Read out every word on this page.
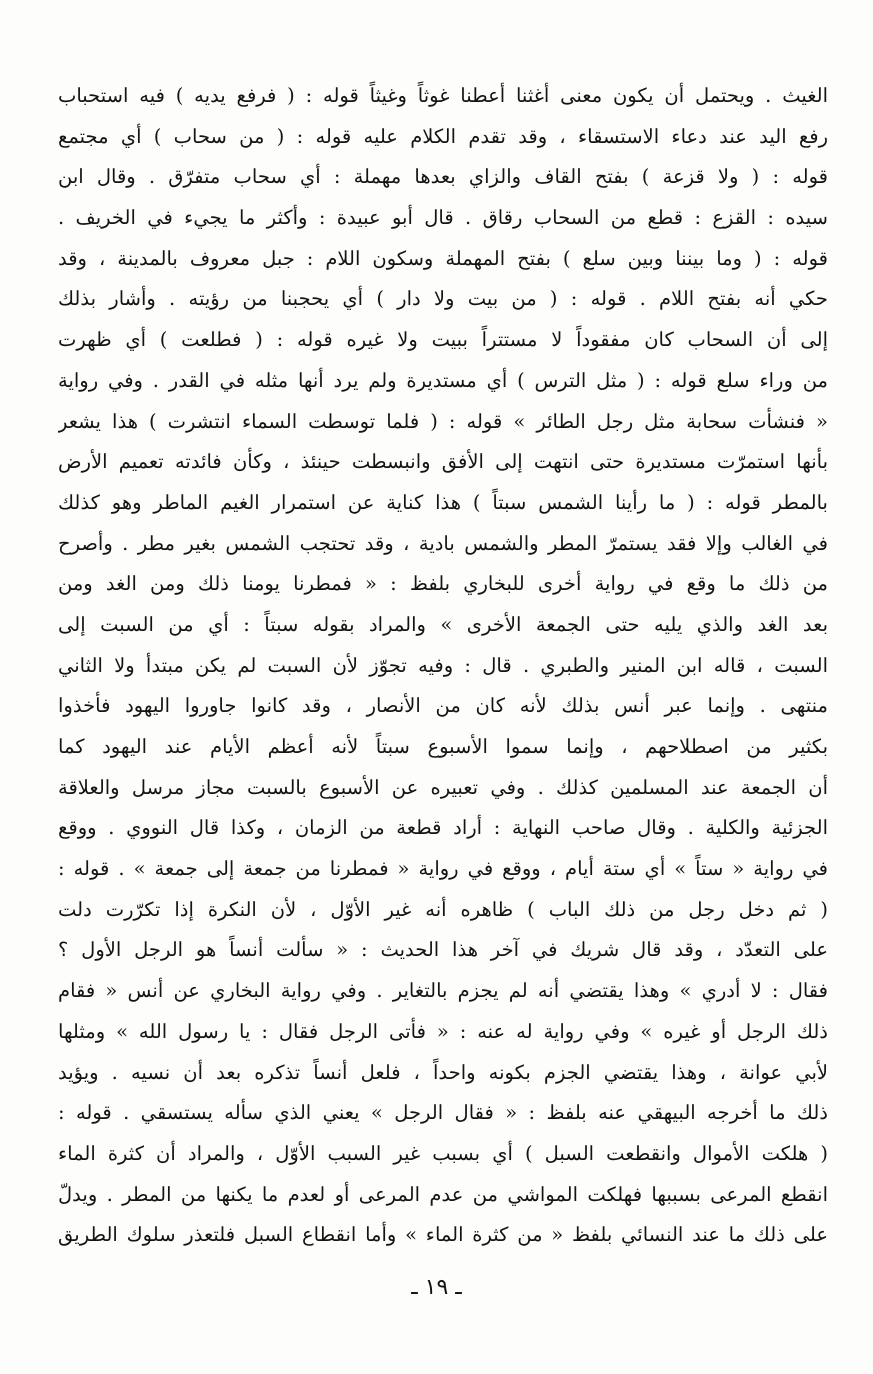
الغيث . ويحتمل أن يكون معنى أغثنا أعطنا غوثاً وغيثاً قوله : ( فرفع يديه ) فيه استحباب
رفع اليد عند دعاء الاستسقاء ، وقد تقدم الكلام عليه قوله : ( من سحاب ) أي مجتمع
قوله : ( ولا قزعة ) بفتح القاف والزاي بعدها مهملة : أي سحاب متفرّق . وقال ابن
سيده : القزع : قطع من السحاب رقاق . قال أبو عبيدة : وأكثر ما يجيء في الخريف .
قوله : ( وما بيننا وبين سلع ) بفتح المهملة وسكون اللام : جبل معروف بالمدينة ، وقد
حكي أنه بفتح اللام . قوله : ( من بيت ولا دار ) أي يحجبنا من رؤيته . وأشار بذلك
إلى أن السحاب كان مفقوداً لا مستتراً ببيت ولا غيره قوله : ( فطلعت ) أي ظهرت
من وراء سلع قوله : ( مثل الترس ) أي مستديرة ولم يرد أنها مثله في القدر . وفي رواية
« فنشأت سحابة مثل رجل الطائر » قوله : ( فلما توسطت السماء انتشرت ) هذا يشعر
بأنها استمرّت مستديرة حتى انتهت إلى الأفق وانبسطت حينئذ ، وكأن فائدته تعميم الأرض
بالمطر قوله : ( ما رأينا الشمس سبتاً ) هذا كناية عن استمرار الغيم الماطر وهو كذلك
في الغالب وإلا فقد يستمرّ المطر والشمس بادية ، وقد تحتجب الشمس بغير مطر . وأصرح
من ذلك ما وقع في رواية أخرى للبخاري بلفظ : « فمطرنا يومنا ذلك ومن الغد ومن
بعد الغد والذي يليه حتى الجمعة الأخرى » والمراد بقوله سبتاً : أي من السبت إلى
السبت ، قاله ابن المنير والطبري . قال : وفيه تجوّز لأن السبت لم يكن مبتدأ ولا الثاني
منتهى . وإنما عبر أنس بذلك لأنه كان من الأنصار ، وقد كانوا جاوروا اليهود فأخذوا
بكثير من اصطلاحهم ، وإنما سموا الأسبوع سبتاً لأنه أعظم الأيام عند اليهود كما
أن الجمعة عند المسلمين كذلك . وفي تعبيره عن الأسبوع بالسبت مجاز مرسل والعلاقة
الجزئية والكلية . وقال صاحب النهاية : أراد قطعة من الزمان ، وكذا قال النووي . ووقع
في رواية « ستاً » أي ستة أيام ، ووقع في رواية « فمطرنا من جمعة إلى جمعة » . قوله :
( ثم دخل رجل من ذلك الباب ) ظاهره أنه غير الأوّل ، لأن النكرة إذا تكرّرت دلت
على التعدّد ، وقد قال شريك في آخر هذا الحديث : « سألت أنساً هو الرجل الأول ؟
فقال : لا أدري » وهذا يقتضي أنه لم يجزم بالتغاير . وفي رواية البخاري عن أنس « فقام
ذلك الرجل أو غيره » وفي رواية له عنه : « فأتى الرجل فقال : يا رسول الله » ومثلها
لأبي عوانة ، وهذا يقتضي الجزم بكونه واحداً ، فلعل أنساً تذكره بعد أن نسيه . ويؤيد
ذلك ما أخرجه البيهقي عنه بلفظ : « فقال الرجل » يعني الذي سأله يستسقي . قوله :
( هلكت الأموال وانقطعت السبل ) أي بسبب غير السبب الأوّل ، والمراد أن كثرة الماء
انقطع المرعى بسببها فهلكت المواشي من عدم المرعى أو لعدم ما يكنها من المطر . ويدلّ
على ذلك ما عند النسائي بلفظ « من كثرة الماء » وأما انقطاع السبل فلتعذر سلوك الطريق
ـ ١٩ ـ
